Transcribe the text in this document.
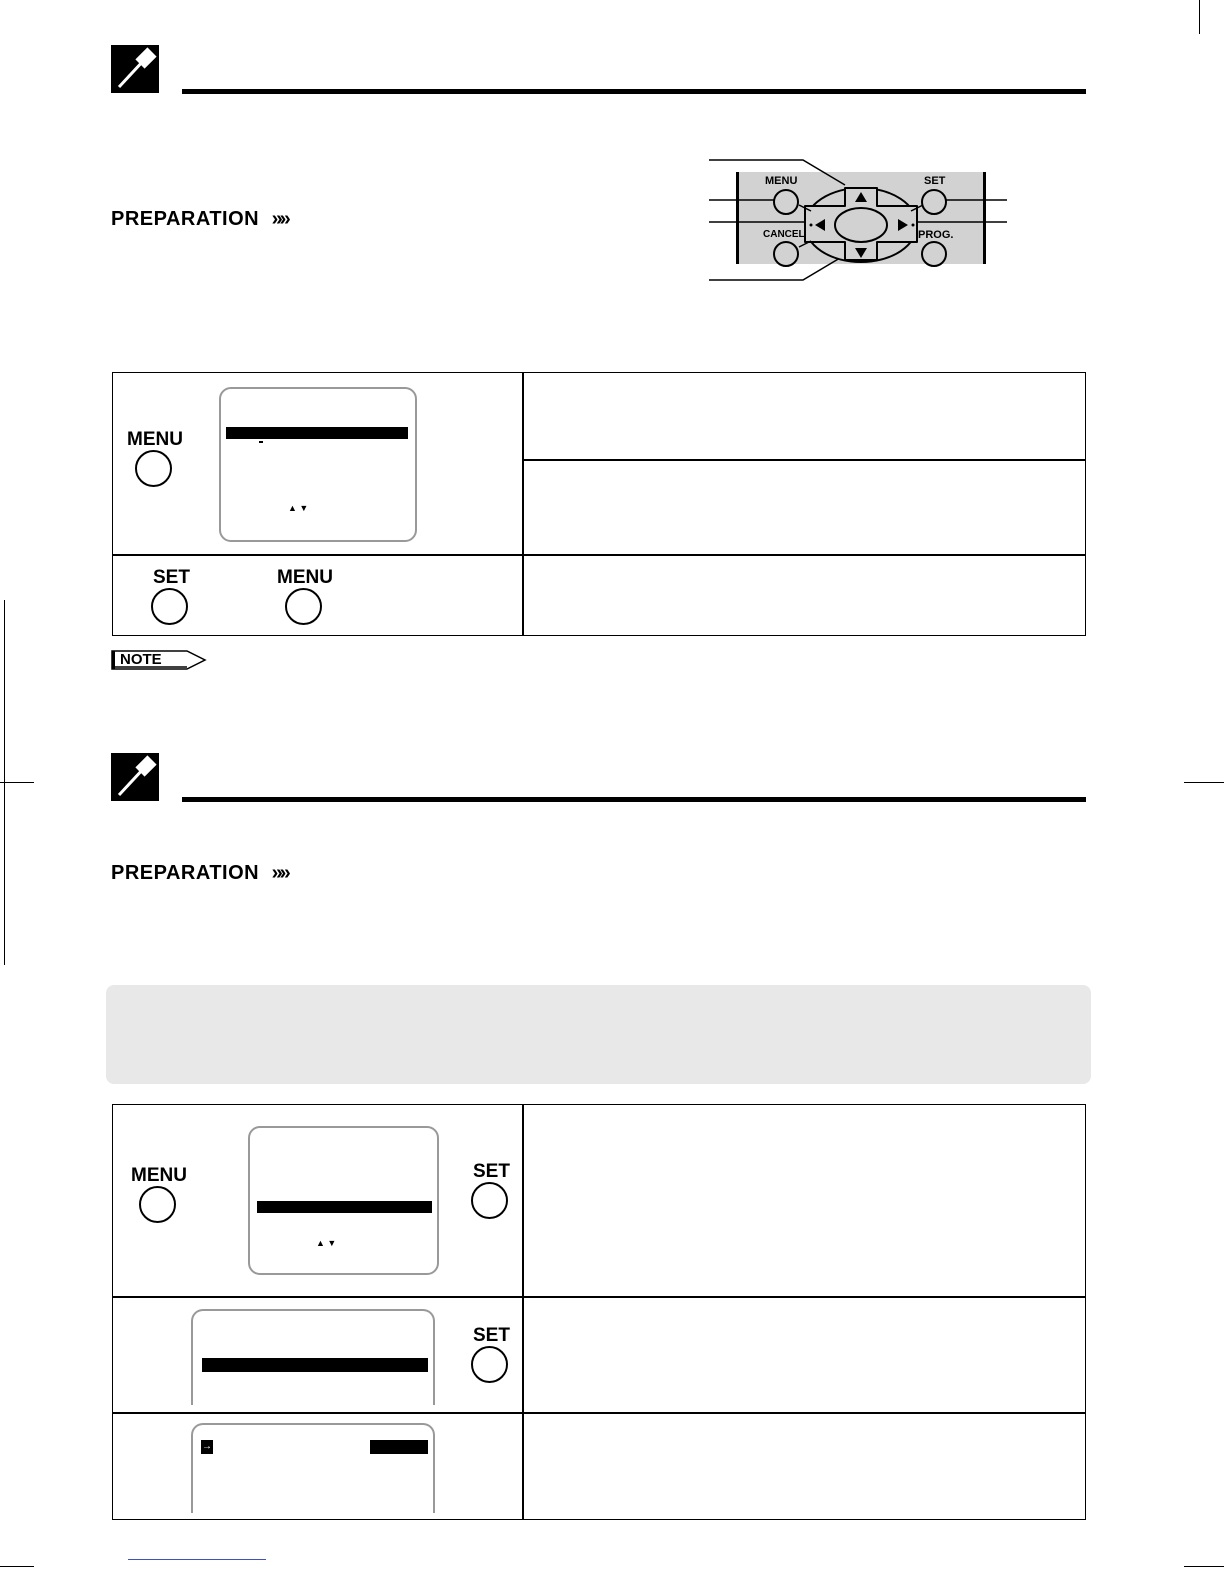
PREPARATION »»
MENU	SET
CANCEL	PROG.
MENU
▲ ▼
SET	MENU
NOTE
PREPARATION »»
MENU
▲ ▼
SET
SET
→
